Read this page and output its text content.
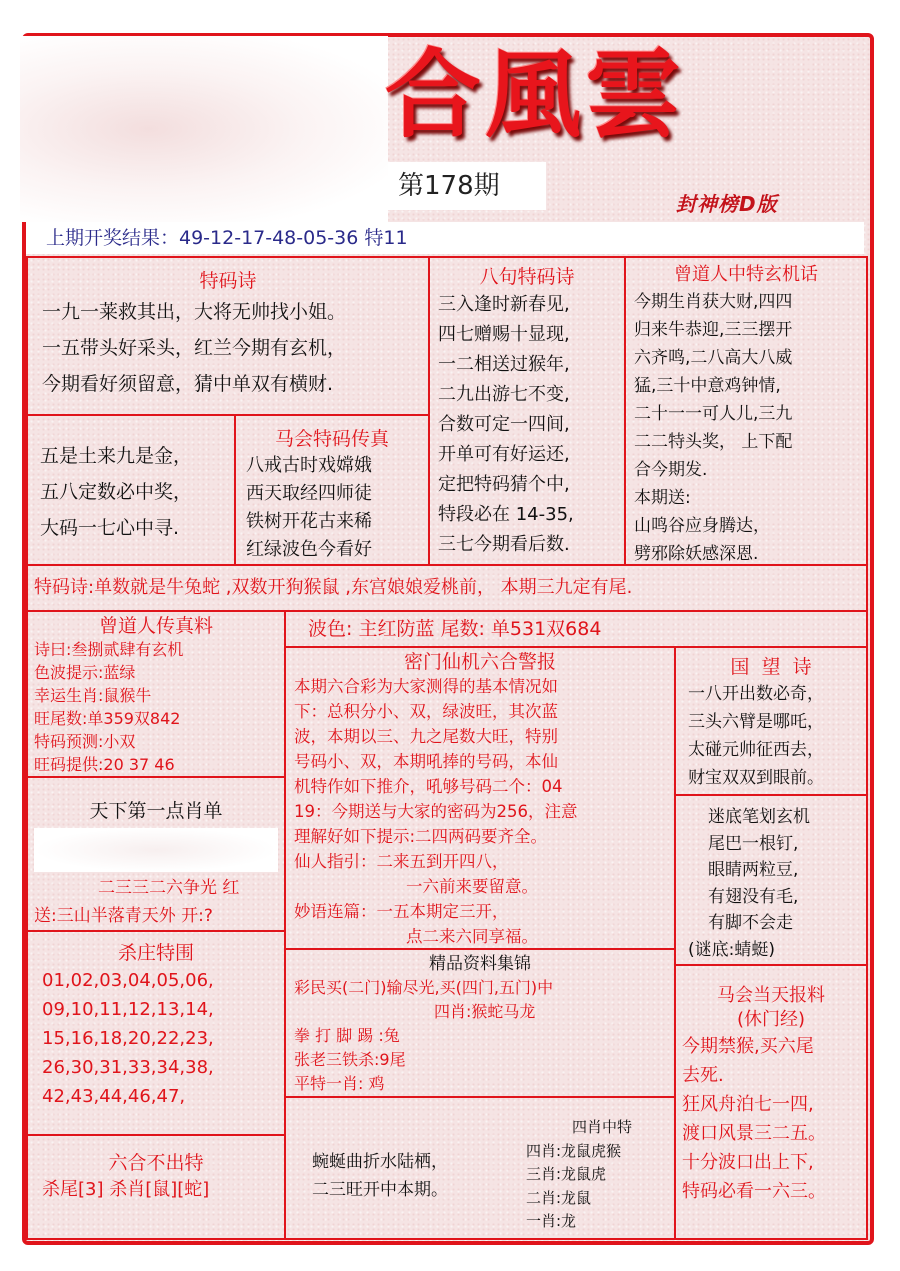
合風雲
第178期
封神榜D版
上期开奖结果：49-12-17-48-05-36 特11
特码诗
一九一莱救其出，大将无帅找小姐。
一五带头好采头，红兰今期有玄机，
今期看好须留意，猜中单双有横财.
八句特码诗
三入逢时新春见,
四七赠赐十显现,
一二相送过猴年,
二九出游七不变,
合数可定一四间,
开单可有好运还,
定把特码猜个中,
特段必在 14-35,
三七今期看后数.
曾道人中特玄机话
今期生肖获大财,四四
归来牛恭迎,三三摆开
六齐鸣,二八高大八威
猛,三十中意鸡钟情,
二十一一可人儿,三九
二二特头奖， 上下配
合今期发.
本期送:
山鸣谷应身腾达，
劈邪除妖感深恩.
五是土来九是金，
五八定数必中奖，
大码一七心中寻.
马会特码传真
八戒古时戏嫦娥
西天取经四师徒
铁树开花古来稀
红绿波色今看好
特码诗:单数就是牛兔蛇 ,双数开狗猴鼠 ,东宫娘娘爱桃前， 本期三九定有尾.
曾道人传真料
诗曰:叁捌贰肆有玄机
色波提示:蓝绿
幸运生肖:鼠猴牛
旺尾数:单359双842
特码预测:小双
旺码提供:20 37 46
天下第一点肖单
二三三二六争光 红
送:三山半落青天外 开:?
杀庄特围
01,02,03,04,05,06,
09,10,11,12,13,14,
15,16,18,20,22,23,
26,30,31,33,34,38,
42,43,44,46,47,
六合不出特
杀尾[3] 杀肖[鼠][蛇]
波色: 主红防蓝 尾数: 单531双684
密门仙机六合警报
本期六合彩为大家测得的基本情况如
下：总积分小、双，绿波旺，其次蓝
波，本期以三、九之尾数大旺，特别
号码小、双，本期吼捧的号码，本仙
机特作如下推介，吼够号码二个：04
19：今期送与大家的密码为256，注意
理解好如下提示:二四两码要齐全。
仙人指引：二来五到开四八，
一六前来要留意。
妙语连篇：一五本期定三开，
点二来六同享福。
精品资料集锦
彩民买(二门)输尽光,买(四门,五门)中
四肖:猴蛇马龙
拳 打 脚 踢 :兔
张老三铁杀:9尾
平特一肖: 鸡
蜿蜒曲折水陆栖，
二三旺开中本期。
四肖中特
四肖:龙鼠虎猴
三肖:龙鼠虎
二肖:龙鼠
一肖:龙
国  望  诗
一八开出数必奇，
三头六臂是哪吒，
太碰元帅征西去，
财宝双双到眼前。
迷底笔划玄机
尾巴一根钉,
眼睛两粒豆,
有翅没有毛,
有脚不会走
(谜底:蜻蜓)
马会当天报料
(休门经)
今期禁猴,买六尾
去死.
狂风舟泊七一四,
渡口风景三二五。
十分波口出上下,
特码必看一六三。
